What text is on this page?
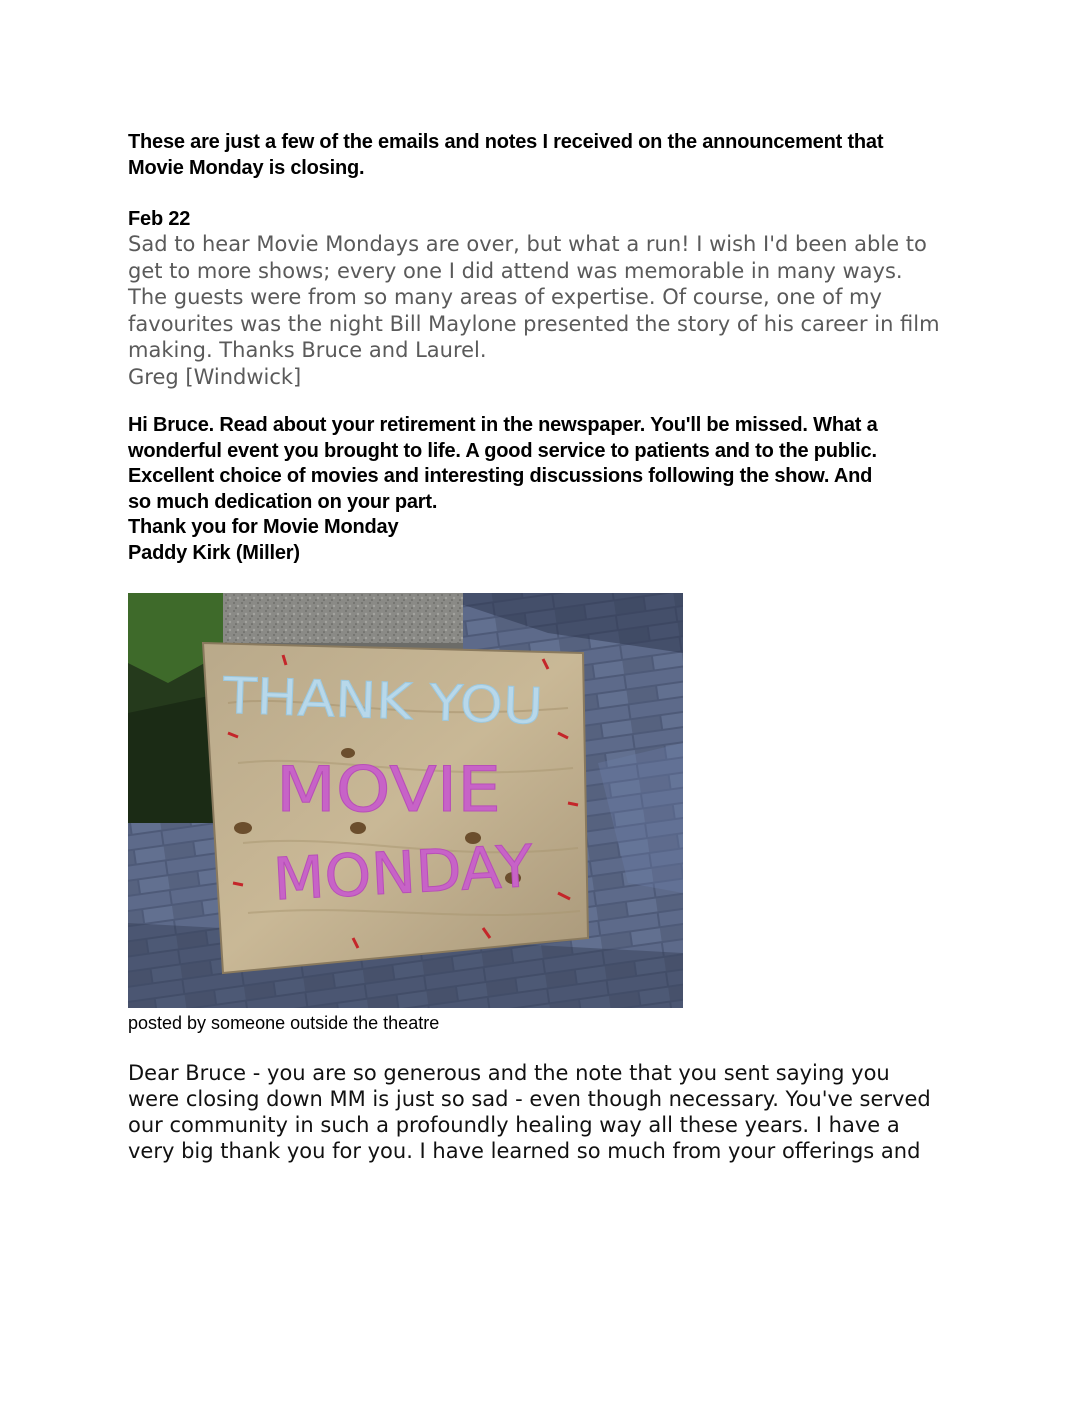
These are just a few of the emails and notes I received on the announcement that
Movie Monday is closing.
Feb 22
Sad to hear Movie Mondays are over, but what a run! I wish I'd been able to
get to more shows; every one I did attend was memorable in many ways.
The guests were from so many areas of expertise. Of course, one of my
favourites was the night Bill Maylone presented the story of his career in film
making. Thanks Bruce and Laurel.
Greg [Windwick]
Hi Bruce. Read about your retirement in the newspaper. You'll be missed. What a
wonderful event you brought to life. A good service to patients and to the public.
Excellent choice of movies and interesting discussions following the show. And
so much dedication on your part.
Thank you for Movie Monday
Paddy Kirk (Miller)
THANK YOU
MOVIE
MONDAY
posted by someone outside the theatre
Dear Bruce - you are so generous and the note that you sent saying you
were closing down MM is just so sad - even though necessary. You've served
our community in such a profoundly healing way all these years. I have a
very big thank you for you. I have learned so much from your offerings and
